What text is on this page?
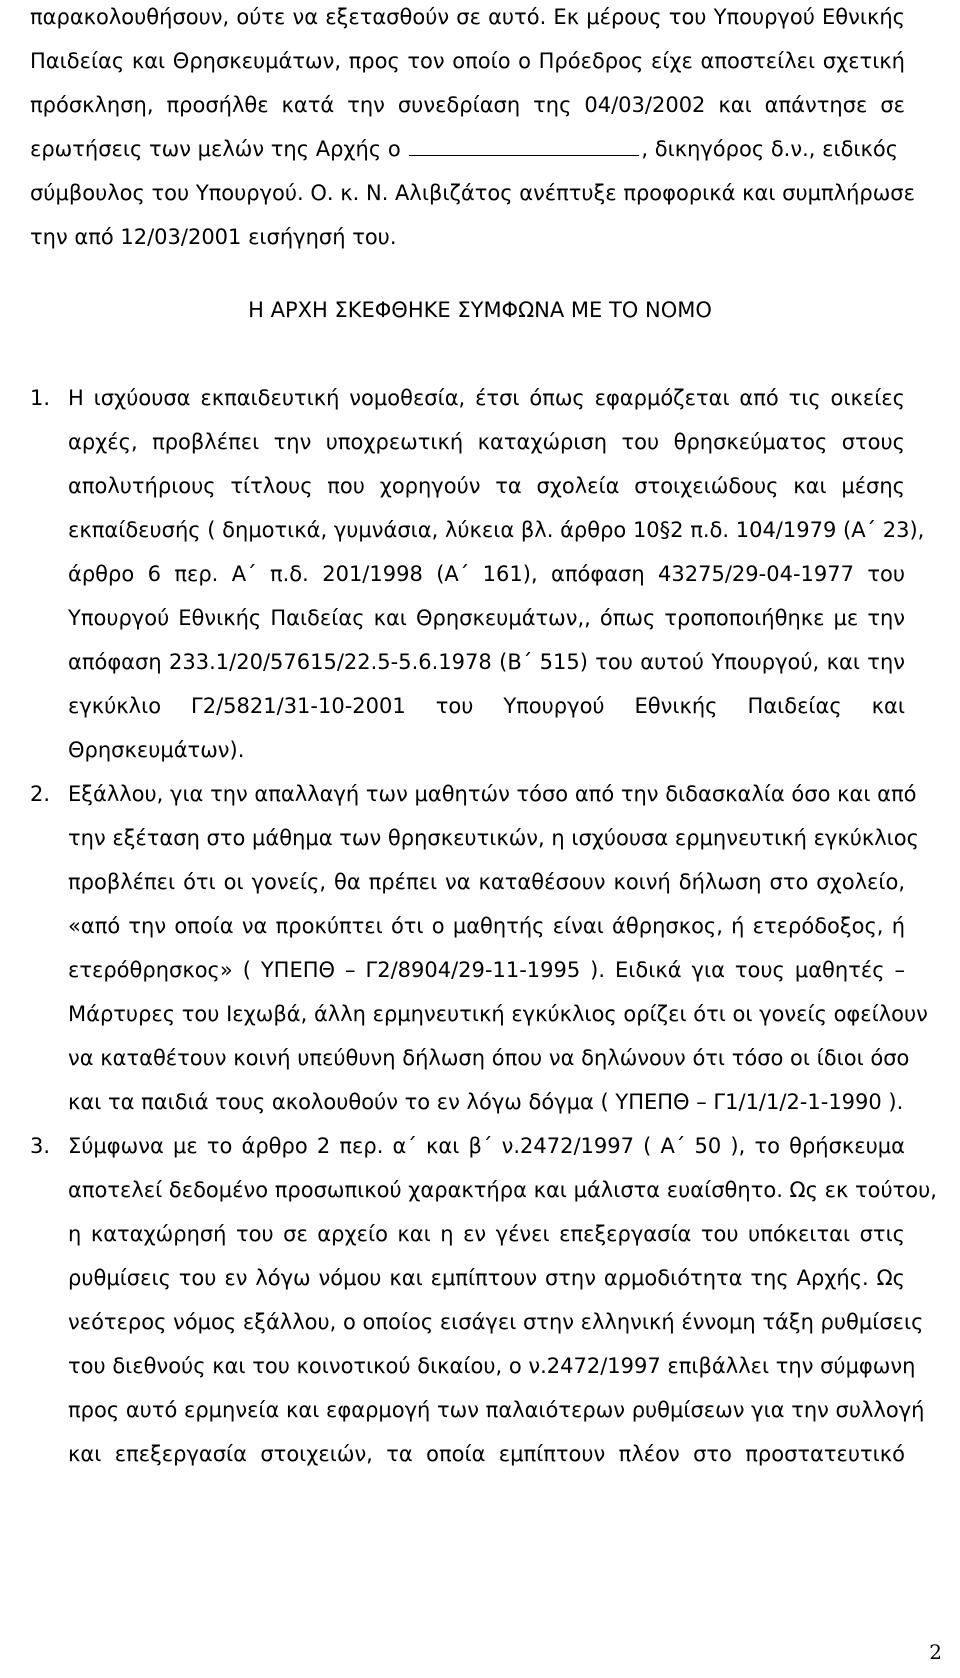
παρακολουθήσουν, ούτε να εξετασθούν σε αυτό. Εκ μέρους του Υπουργού Εθνικής
Παιδείας και Θρησκευμάτων, προς τον οποίο ο Πρόεδρος είχε αποστείλει σχετική
πρόσκληση, προσήλθε κατά την συνεδρίαση της 04/03/2002 και απάντησε σε
ερωτήσεις των μελών της Αρχής ο	, δικηγόρος δ.ν., ειδικός
σύμβουλος του Υπουργού. Ο. κ. Ν. Αλιβιζάτος ανέπτυξε προφορικά και συμπλήρωσε
την από 12/03/2001 εισήγησή του.
Η ΑΡΧΗ ΣΚΕΦΘΗΚΕ ΣΥΜΦΩΝΑ ΜΕ ΤΟ ΝΟΜΟ
1. Η ισχύουσα εκπαιδευτική νομοθεσία, έτσι όπως εφαρμόζεται από τις οικείες
αρχές, προβλέπει την υποχρεωτική καταχώριση του θρησκεύματος στους
απολυτήριους τίτλους που χορηγούν τα σχολεία στοιχειώδους και μέσης
εκπαίδευσής ( δημοτικά, γυμνάσια, λύκεια βλ. άρθρο 10§2 π.δ. 104/1979 (Α΄ 23),
άρθρο 6 περ. Α΄ π.δ. 201/1998 (Α΄ 161), απόφαση 43275/29-04-1977 του
Υπουργού Εθνικής Παιδείας και Θρησκευμάτων,, όπως τροποποιήθηκε με την
απόφαση 233.1/20/57615/22.5-5.6.1978 (Β΄ 515) του αυτού Υπουργού, και την
εγκύκλιο Γ2/5821/31-10-2001 του Υπουργού Εθνικής Παιδείας και
Θρησκευμάτων).
2. Εξάλλου, για την απαλλαγή των μαθητών τόσο από την διδασκαλία όσο και από
την εξέταση στο μάθημα των θρησκευτικών, η ισχύουσα ερμηνευτική εγκύκλιος
προβλέπει ότι οι γονείς, θα πρέπει να καταθέσουν κοινή δήλωση στο σχολείο,
«από την οποία να προκύπτει ότι ο μαθητής είναι άθρησκος, ή ετερόδοξος, ή
ετερόθρησκος» ( ΥΠΕΠΘ – Γ2/8904/29-11-1995 ). Ειδικά για τους μαθητές –
Μάρτυρες του Ιεχωβά, άλλη ερμηνευτική εγκύκλιος ορίζει ότι οι γονείς οφείλουν
να καταθέτουν κοινή υπεύθυνη δήλωση όπου να δηλώνουν ότι τόσο οι ίδιοι όσο
και τα παιδιά τους ακολουθούν το εν λόγω δόγμα ( ΥΠΕΠΘ – Γ1/1/1/2-1-1990 ).
3. Σύμφωνα με το άρθρο 2 περ. α΄ και β΄ ν.2472/1997 ( Α΄ 50 ), το θρήσκευμα
αποτελεί δεδομένο προσωπικού χαρακτήρα και μάλιστα ευαίσθητο. Ως εκ τούτου,
η καταχώρησή του σε αρχείο και η εν γένει επεξεργασία του υπόκειται στις
ρυθμίσεις του εν λόγω νόμου και εμπίπτουν στην αρμοδιότητα της Αρχής. Ως
νεότερος νόμος εξάλλου, ο οποίος εισάγει στην ελληνική έννομη τάξη ρυθμίσεις
του διεθνούς και του κοινοτικού δικαίου, ο ν.2472/1997 επιβάλλει την σύμφωνη
προς αυτό ερμηνεία και εφαρμογή των παλαιότερων ρυθμίσεων για την συλλογή
και επεξεργασία στοιχειών, τα οποία εμπίπτουν πλέον στο προστατευτικό
2
